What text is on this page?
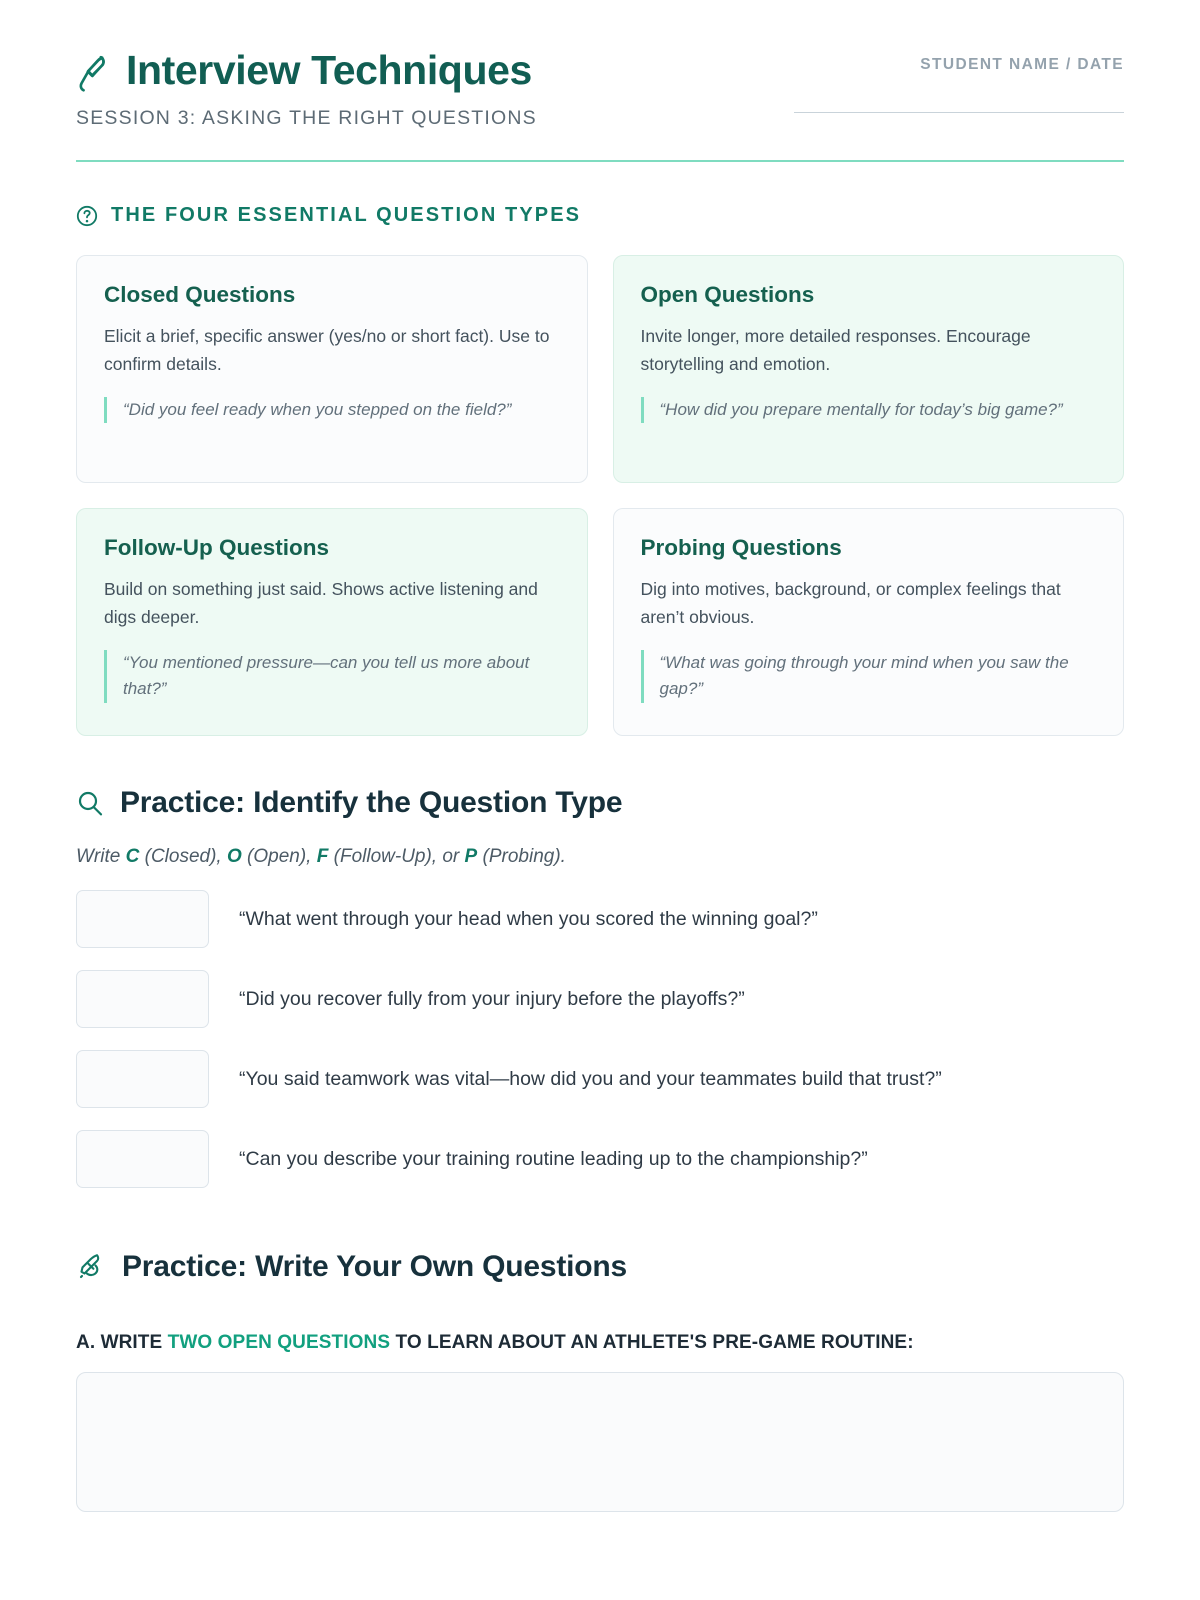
Interview Techniques
SESSION 3: ASKING THE RIGHT QUESTIONS
STUDENT NAME / DATE
THE FOUR ESSENTIAL QUESTION TYPES
Closed Questions

Elicit a brief, specific answer (yes/no or short fact). Use to confirm details.

“Did you feel ready when you stepped on the field?”
Open Questions

Invite longer, more detailed responses. Encourage storytelling and emotion.

“How did you prepare mentally for today’s big game?”
Follow-Up Questions

Build on something just said. Shows active listening and digs deeper.

“You mentioned pressure—can you tell us more about that?”
Probing Questions

Dig into motives, background, or complex feelings that aren’t obvious.

“What was going through your mind when you saw the gap?”
Practice: Identify the Question Type
Write C (Closed), O (Open), F (Follow-Up), or P (Probing).
“What went through your head when you scored the winning goal?”
“Did you recover fully from your injury before the playoffs?”
“You said teamwork was vital—how did you and your teammates build that trust?”
“Can you describe your training routine leading up to the championship?”
Practice: Write Your Own Questions
A. WRITE TWO OPEN QUESTIONS TO LEARN ABOUT AN ATHLETE'S PRE-GAME ROUTINE:
